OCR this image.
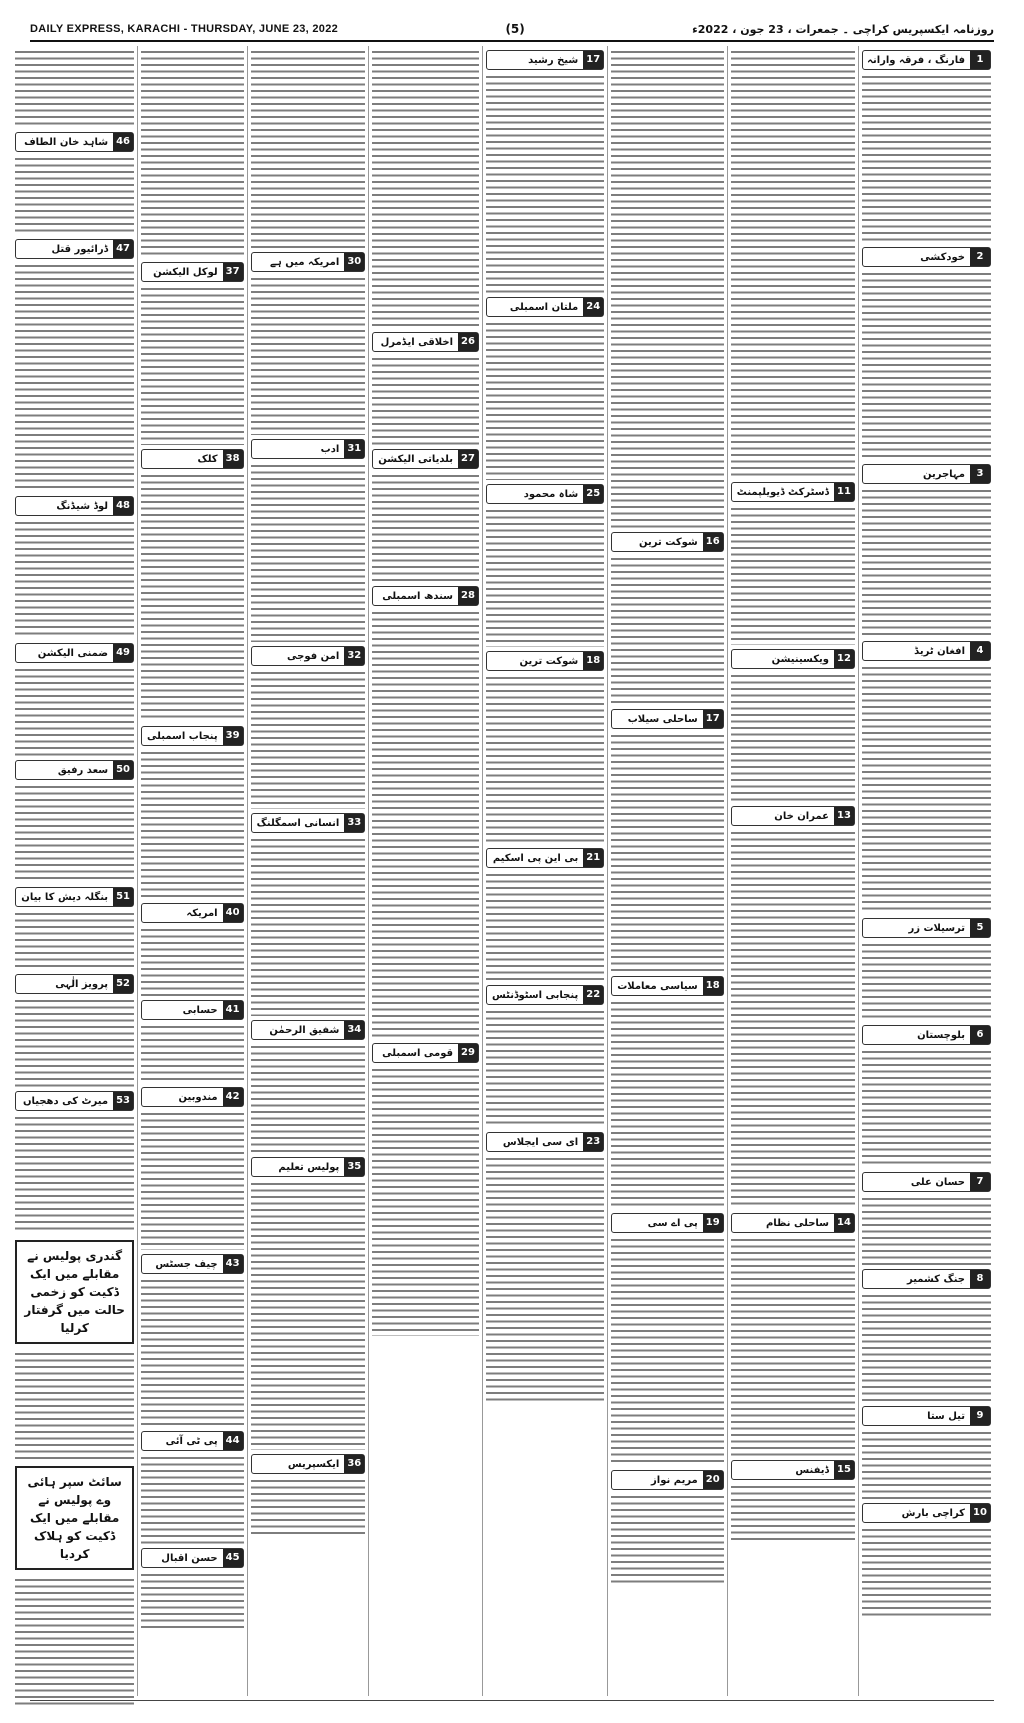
DAILY EXPRESS, KARACHI - THURSDAY, JUNE 23, 2022	(5)	روزنامہ ایکسپریس کراچی ۔ جمعرات ، 23 جون ، 2022ء
1
فارنگ ، فرقہ وارانہ
2
خودکشی
3
مہاجرین
4
افغان ٹریڈ
5
ترسیلات زر
6
بلوچستان
7
حسان علی
8
جنگ کشمیر
9
تیل ستا
10
کراچی بارش
11
ڈسٹرکٹ ڈیویلپمنٹ
12
ویکسینیشن
13
عمران خان
14
ساحلی نظام
15
ڈیفنس
16
شوکت ترین
17
ساحلی سیلاب
18
سیاسی معاملات
19
پی اے سی
20
مریم نواز
17
شیخ رشید
24
ملتان اسمبلی
25
شاہ محمود
18
شوکت ترین
21
بی این پی اسکیم
22
پنجابی اسٹوڈنٹس
23
ای سی ایجلاس
26
اخلاقی ایڈمرل
27
بلدیاتی الیکشن
28
سندھ اسمبلی
29
قومی اسمبلی
30
امریکہ میں ہے
31
ادب
32
امن فوجی
33
انسانی اسمگلنگ
34
شفیق الرحمٰن
35
پولیس تعلیم
36
ایکسپریس
37
لوکل الیکشن
38
کلک
39
پنجاب اسمبلی
40
امریکہ
41
حسابی
42
مندوبین
43
چیف جسٹس
44
پی ٹی آئی
45
حسن اقبال
46
شاہد خان الطاف
47
ڈرائیور قتل
48
لوڈ شیڈنگ
49
ضمنی الیکشن
50
سعد رفیق
51
بنگلہ دیش کا بیان
52
پرویز الٰہی
53
میرٹ کی دھجیاں
گندری پولیس نے مقابلے میں ایک ڈکیت کو زخمی حالت میں گرفتار کرلیا
سائٹ سپر ہائی وے پولیس نے مقابلے میں ایک ڈکیت کو ہلاک کردیا
